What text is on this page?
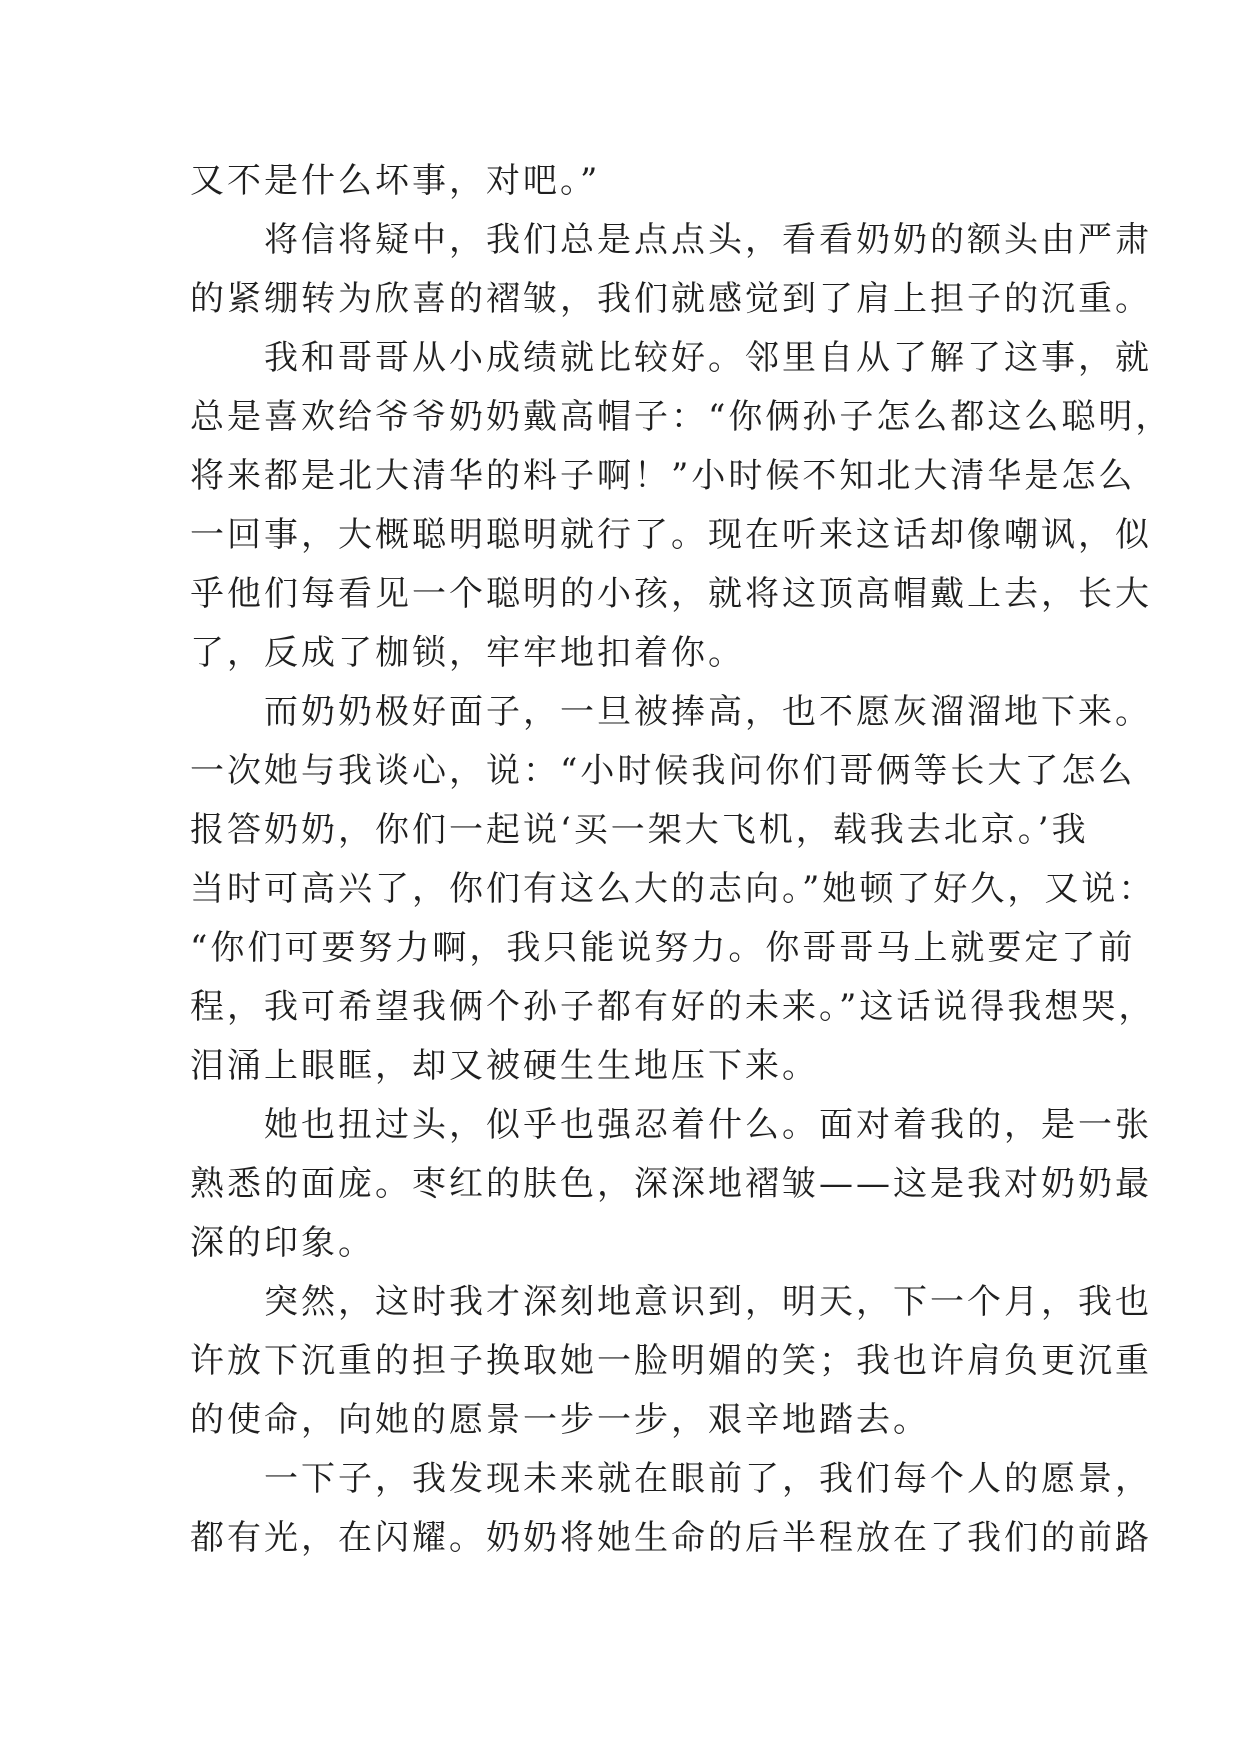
又不是什么坏事，对吧。”
　　将信将疑中，我们总是点点头，看看奶奶的额头由严肃
的紧绷转为欣喜的褶皱，我们就感觉到了肩上担子的沉重。
　　我和哥哥从小成绩就比较好。邻里自从了解了这事，就
总是喜欢给爷爷奶奶戴高帽子：“你俩孙子怎么都这么聪明，
将来都是北大清华的料子啊！”小时候不知北大清华是怎么
一回事，大概聪明聪明就行了。现在听来这话却像嘲讽，似
乎他们每看见一个聪明的小孩，就将这顶高帽戴上去，长大
了，反成了枷锁，牢牢地扣着你。
　　而奶奶极好面子，一旦被捧高，也不愿灰溜溜地下来。
一次她与我谈心，说：“小时候我问你们哥俩等长大了怎么
报答奶奶，你们一起说‘买一架大飞机，载我去北京。’我
当时可高兴了，你们有这么大的志向。”她顿了好久，又说：
“你们可要努力啊，我只能说努力。你哥哥马上就要定了前
程，我可希望我俩个孙子都有好的未来。”这话说得我想哭，
泪涌上眼眶，却又被硬生生地压下来。
　　她也扭过头，似乎也强忍着什么。面对着我的，是一张
熟悉的面庞。枣红的肤色，深深地褶皱——这是我对奶奶最
深的印象。
　　突然，这时我才深刻地意识到，明天，下一个月，我也
许放下沉重的担子换取她一脸明媚的笑；我也许肩负更沉重
的使命，向她的愿景一步一步，艰辛地踏去。
　　一下子，我发现未来就在眼前了，我们每个人的愿景，
都有光，在闪耀。奶奶将她生命的后半程放在了我们的前路
